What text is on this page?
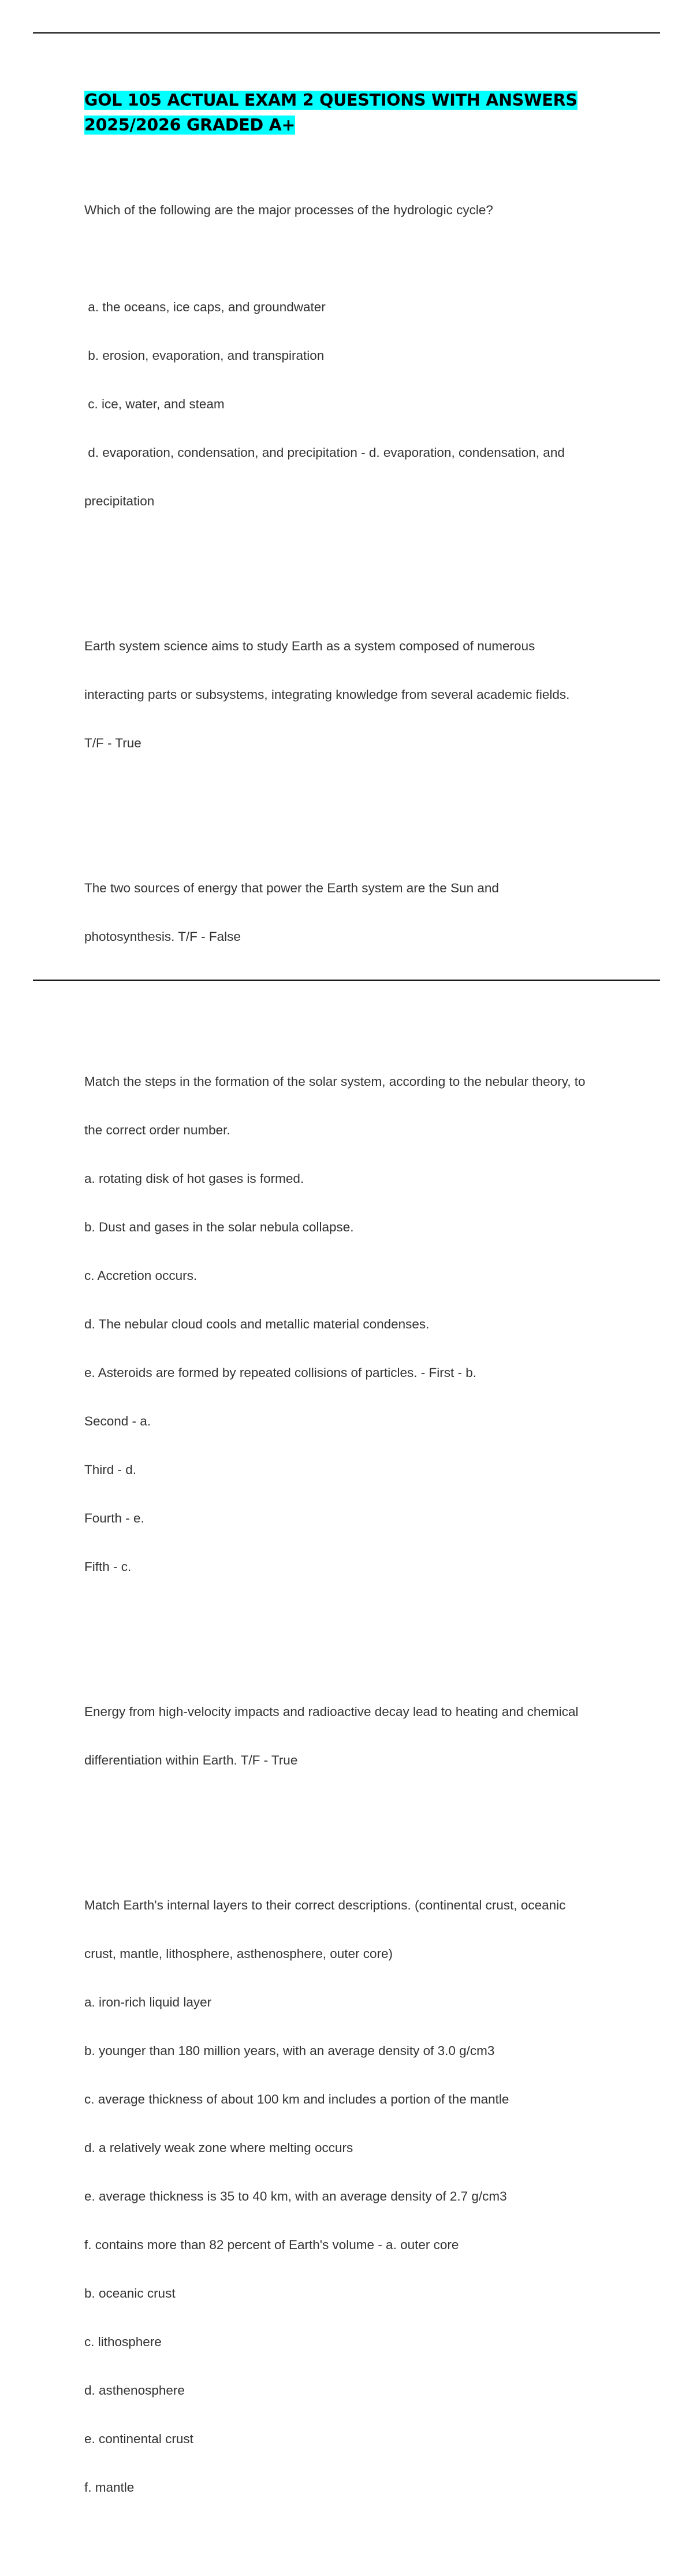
GOL 105 ACTUAL EXAM 2 QUESTIONS WITH ANSWERS
2025/2026 GRADED A+

Which of the following are the major processes of the hydrologic cycle?

a. the oceans, ice caps, and groundwater

b. erosion, evaporation, and transpiration

c. ice, water, and steam

d. evaporation, condensation, and precipitation - d. evaporation, condensation, and

precipitation

Earth system science aims to study Earth as a system composed of numerous

interacting parts or subsystems, integrating knowledge from several academic fields.

T/F - True

The two sources of energy that power the Earth system are the Sun and

photosynthesis. T/F - False

Match the steps in the formation of the solar system, according to the nebular theory, to

the correct order number.

a. rotating disk of hot gases is formed.

b. Dust and gases in the solar nebula collapse.

c. Accretion occurs.

d. The nebular cloud cools and metallic material condenses.

e. Asteroids are formed by repeated collisions of particles. - First - b.

Second - a.

Third - d.

Fourth - e.

Fifth - c.

Energy from high-velocity impacts and radioactive decay lead to heating and chemical

differentiation within Earth. T/F - True

Match Earth's internal layers to their correct descriptions. (continental crust, oceanic

crust, mantle, lithosphere, asthenosphere, outer core)

a. iron-rich liquid layer

b. younger than 180 million years, with an average density of 3.0 g/cm3

c. average thickness of about 100 km and includes a portion of the mantle

d. a relatively weak zone where melting occurs

e. average thickness is 35 to 40 km, with an average density of 2.7 g/cm3

f. contains more than 82 percent of Earth's volume - a. outer core

b. oceanic crust

c. lithosphere

d. asthenosphere

e. continental crust

f. mantle
